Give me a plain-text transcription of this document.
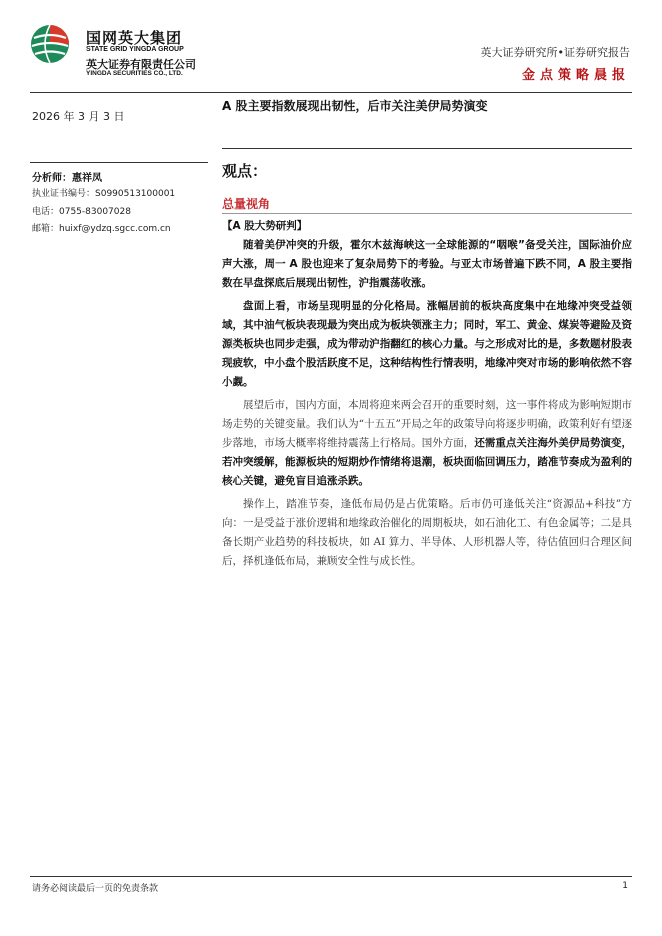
国网英大集团
STATE GRID YINGDA GROUP
英大证券有限责任公司
YINGDA SECURITIES CO., LTD.
英大证券研究所•证券研究报告
金点策略晨报
2026 年 3 月 3 日
A 股主要指数展现出韧性，后市关注美伊局势演变
分析师：惠祥凤
执业证书编号：S0990513100001
电话：0755-83007028
邮箱：huixf@ydzq.sgcc.com.cn
观点：
总量视角
【A 股大势研判】

随着美伊冲突的升级，霍尔木兹海峡这一全球能源的“咽喉”备受关注，国际油价应声大涨，周一 A 股也迎来了复杂局势下的考验。与亚太市场普遍下跌不同，A 股主要指数在早盘探底后展现出韧性，沪指震荡收涨。

盘面上看，市场呈现明显的分化格局。涨幅居前的板块高度集中在地缘冲突受益领域，其中油气板块表现最为突出成为板块领涨主力；同时，军工、黄金、煤炭等避险及资源类板块也同步走强，成为带动沪指翻红的核心力量。与之形成对比的是，多数题材股表现疲软，中小盘个股活跃度不足，这种结构性行情表明，地缘冲突对市场的影响依然不容小觑。

展望后市，国内方面，本周将迎来两会召开的重要时刻，这一事件将成为影响短期市场走势的关键变量。我们认为“十五五”开局之年的政策导向将逐步明确，政策利好有望逐步落地，市场大概率将维持震荡上行格局。国外方面，还需重点关注海外美伊局势演变，若冲突缓解，能源板块的短期炒作情绪将退潮，板块面临回调压力，踏准节奏成为盈利的核心关键，避免盲目追涨杀跌。

操作上，踏准节奏，逢低布局仍是占优策略。后市仍可逢低关注“资源品+科技”方向：一是受益于涨价逻辑和地缘政治催化的周期板块，如石油化工、有色金属等；二是具备长期产业趋势的科技板块，如 AI 算力、半导体、人形机器人等，待估值回归合理区间后，择机逢低布局，兼顾安全性与成长性。

请务必阅读最后一页的免责条款	1
